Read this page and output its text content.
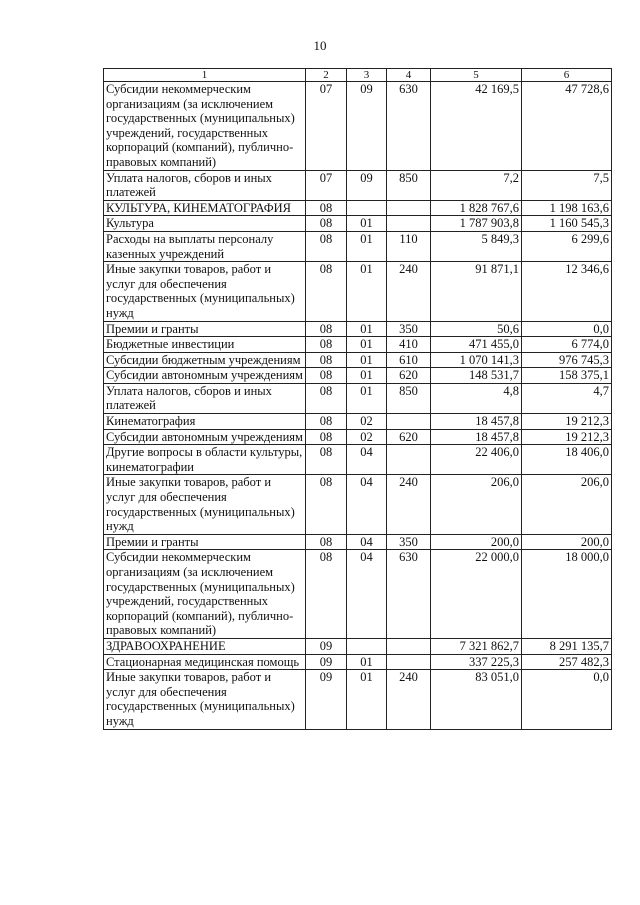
10
1	2	3	4	5	6
Субсидии некоммерческим организациям (за исключением государственных (муниципальных) учреждений, государственных корпораций (компаний), публично-правовых компаний)	07	09	630	42 169,5	47 728,6
Уплата налогов, сборов и иных платежей	07	09	850	7,2	7,5
КУЛЬТУРА, КИНЕМАТОГРАФИЯ	08			1 828 767,6	1 198 163,6
Культура	08	01		1 787 903,8	1 160 545,3
Расходы на выплаты персоналу казенных учреждений	08	01	110	5 849,3	6 299,6
Иные закупки товаров, работ и услуг для обеспечения государственных (муниципальных) нужд	08	01	240	91 871,1	12 346,6
Премии и гранты	08	01	350	50,6	0,0
Бюджетные инвестиции	08	01	410	471 455,0	6 774,0
Субсидии бюджетным учреждениям	08	01	610	1 070 141,3	976 745,3
Субсидии автономным учреждениям	08	01	620	148 531,7	158 375,1
Уплата налогов, сборов и иных платежей	08	01	850	4,8	4,7
Кинематография	08	02		18 457,8	19 212,3
Субсидии автономным учреждениям	08	02	620	18 457,8	19 212,3
Другие вопросы в области культуры, кинематографии	08	04		22 406,0	18 406,0
Иные закупки товаров, работ и услуг для обеспечения государственных (муниципальных) нужд	08	04	240	206,0	206,0
Премии и гранты	08	04	350	200,0	200,0
Субсидии некоммерческим организациям (за исключением государственных (муниципальных) учреждений, государственных корпораций (компаний), публично-правовых компаний)	08	04	630	22 000,0	18 000,0
ЗДРАВООХРАНЕНИЕ	09			7 321 862,7	8 291 135,7
Стационарная медицинская помощь	09	01		337 225,3	257 482,3
Иные закупки товаров, работ и услуг для обеспечения государственных (муниципальных) нужд	09	01	240	83 051,0	0,0
